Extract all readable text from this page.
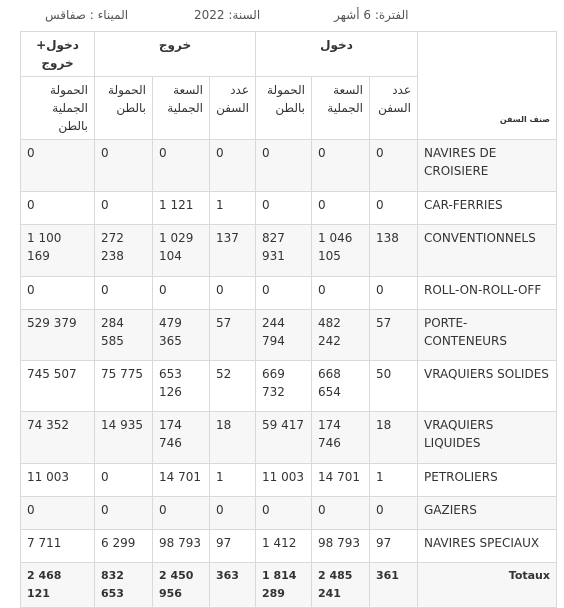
الفترة: 6 أشهر
السنة: 2022
الميناء : صفاقس
صنف السفن	دخول			خروج			دخول+ خروج
	عدد السفن	السعة الجملية	الحمولة بالطن	عدد السفن	السعة الجملية	الحمولة بالطن	الحمولة الجملية بالطن
NAVIRES DE CROISIERE	0	0	0	0	0	0	0
CAR-FERRIES	0	0	0	1	1 121	0	0
CONVENTIONNELS	138	1 046 105	827 931	137	1 029 104	272 238	1 100 169
ROLL-ON-ROLL-OFF	0	0	0	0	0	0	0
PORTE-CONTENEURS	57	482 242	244 794	57	479 365	284 585	529 379
VRAQUIERS SOLIDES	50	668 654	669 732	52	653 126	75 775	745 507
VRAQUIERS LIQUIDES	18	174 746	59 417	18	174 746	14 935	74 352
PETROLIERS	1	14 701	11 003	1	14 701	0	11 003
GAZIERS	0	0	0	0	0	0	0
NAVIRES SPECIAUX	97	98 793	1 412	97	98 793	6 299	7 711
Totaux	361	2 485 241	1 814 289	363	2 450 956	832 653	2 468 121
